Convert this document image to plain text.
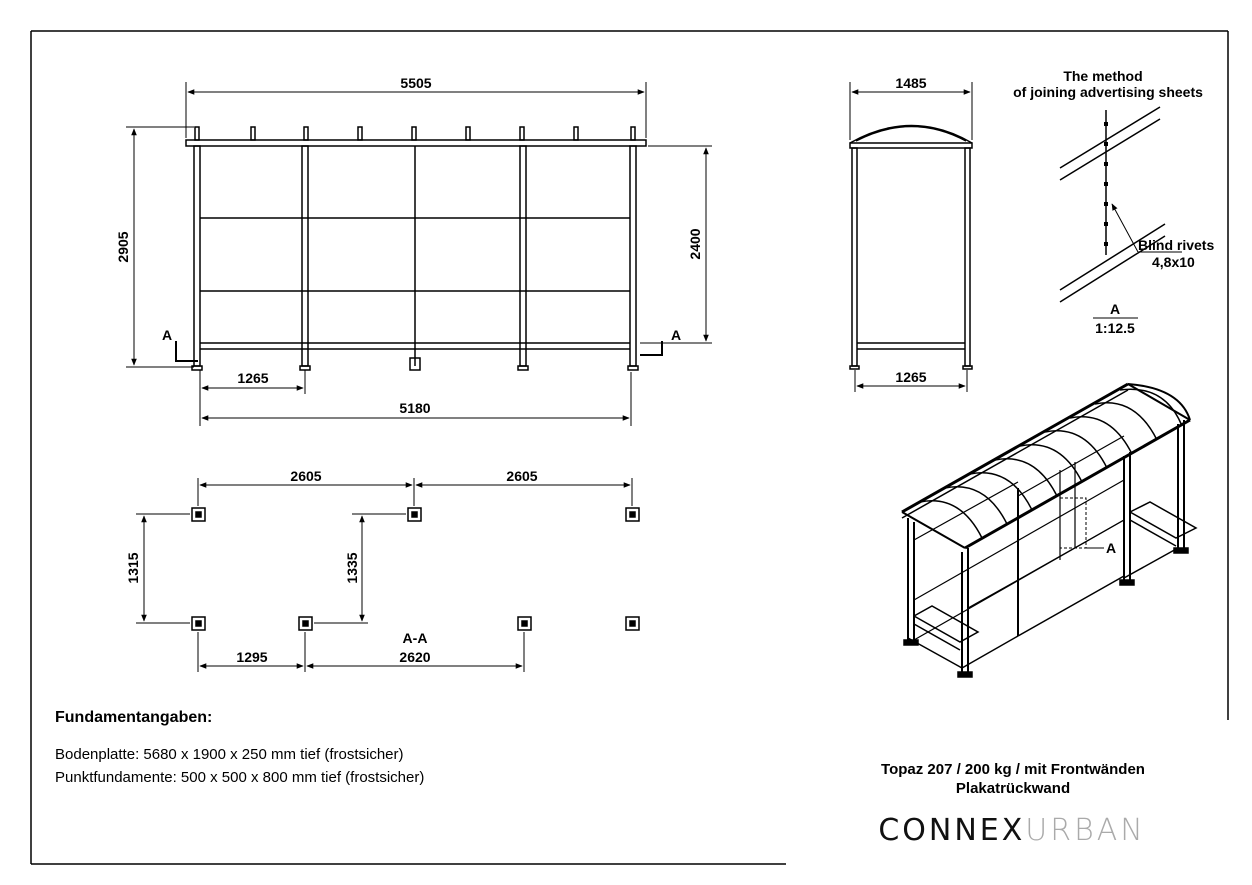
5505
2905	2400
1265
5180
A	A
1485
1265
The method
of joining advertising sheets
Blind rivets
4,8x10
A
1:12.5
2605	2605
1315	1335
1295	2620
A-A
A
Fundamentangaben:
Bodenplatte: 5680 x 1900 x 250 mm tief (frostsicher)
Punktfundamente: 500 x 500 x 800 mm tief (frostsicher)	Topaz 207 / 200 kg / mit Frontwänden
Plakatrückwand
CONNEXURBAN
